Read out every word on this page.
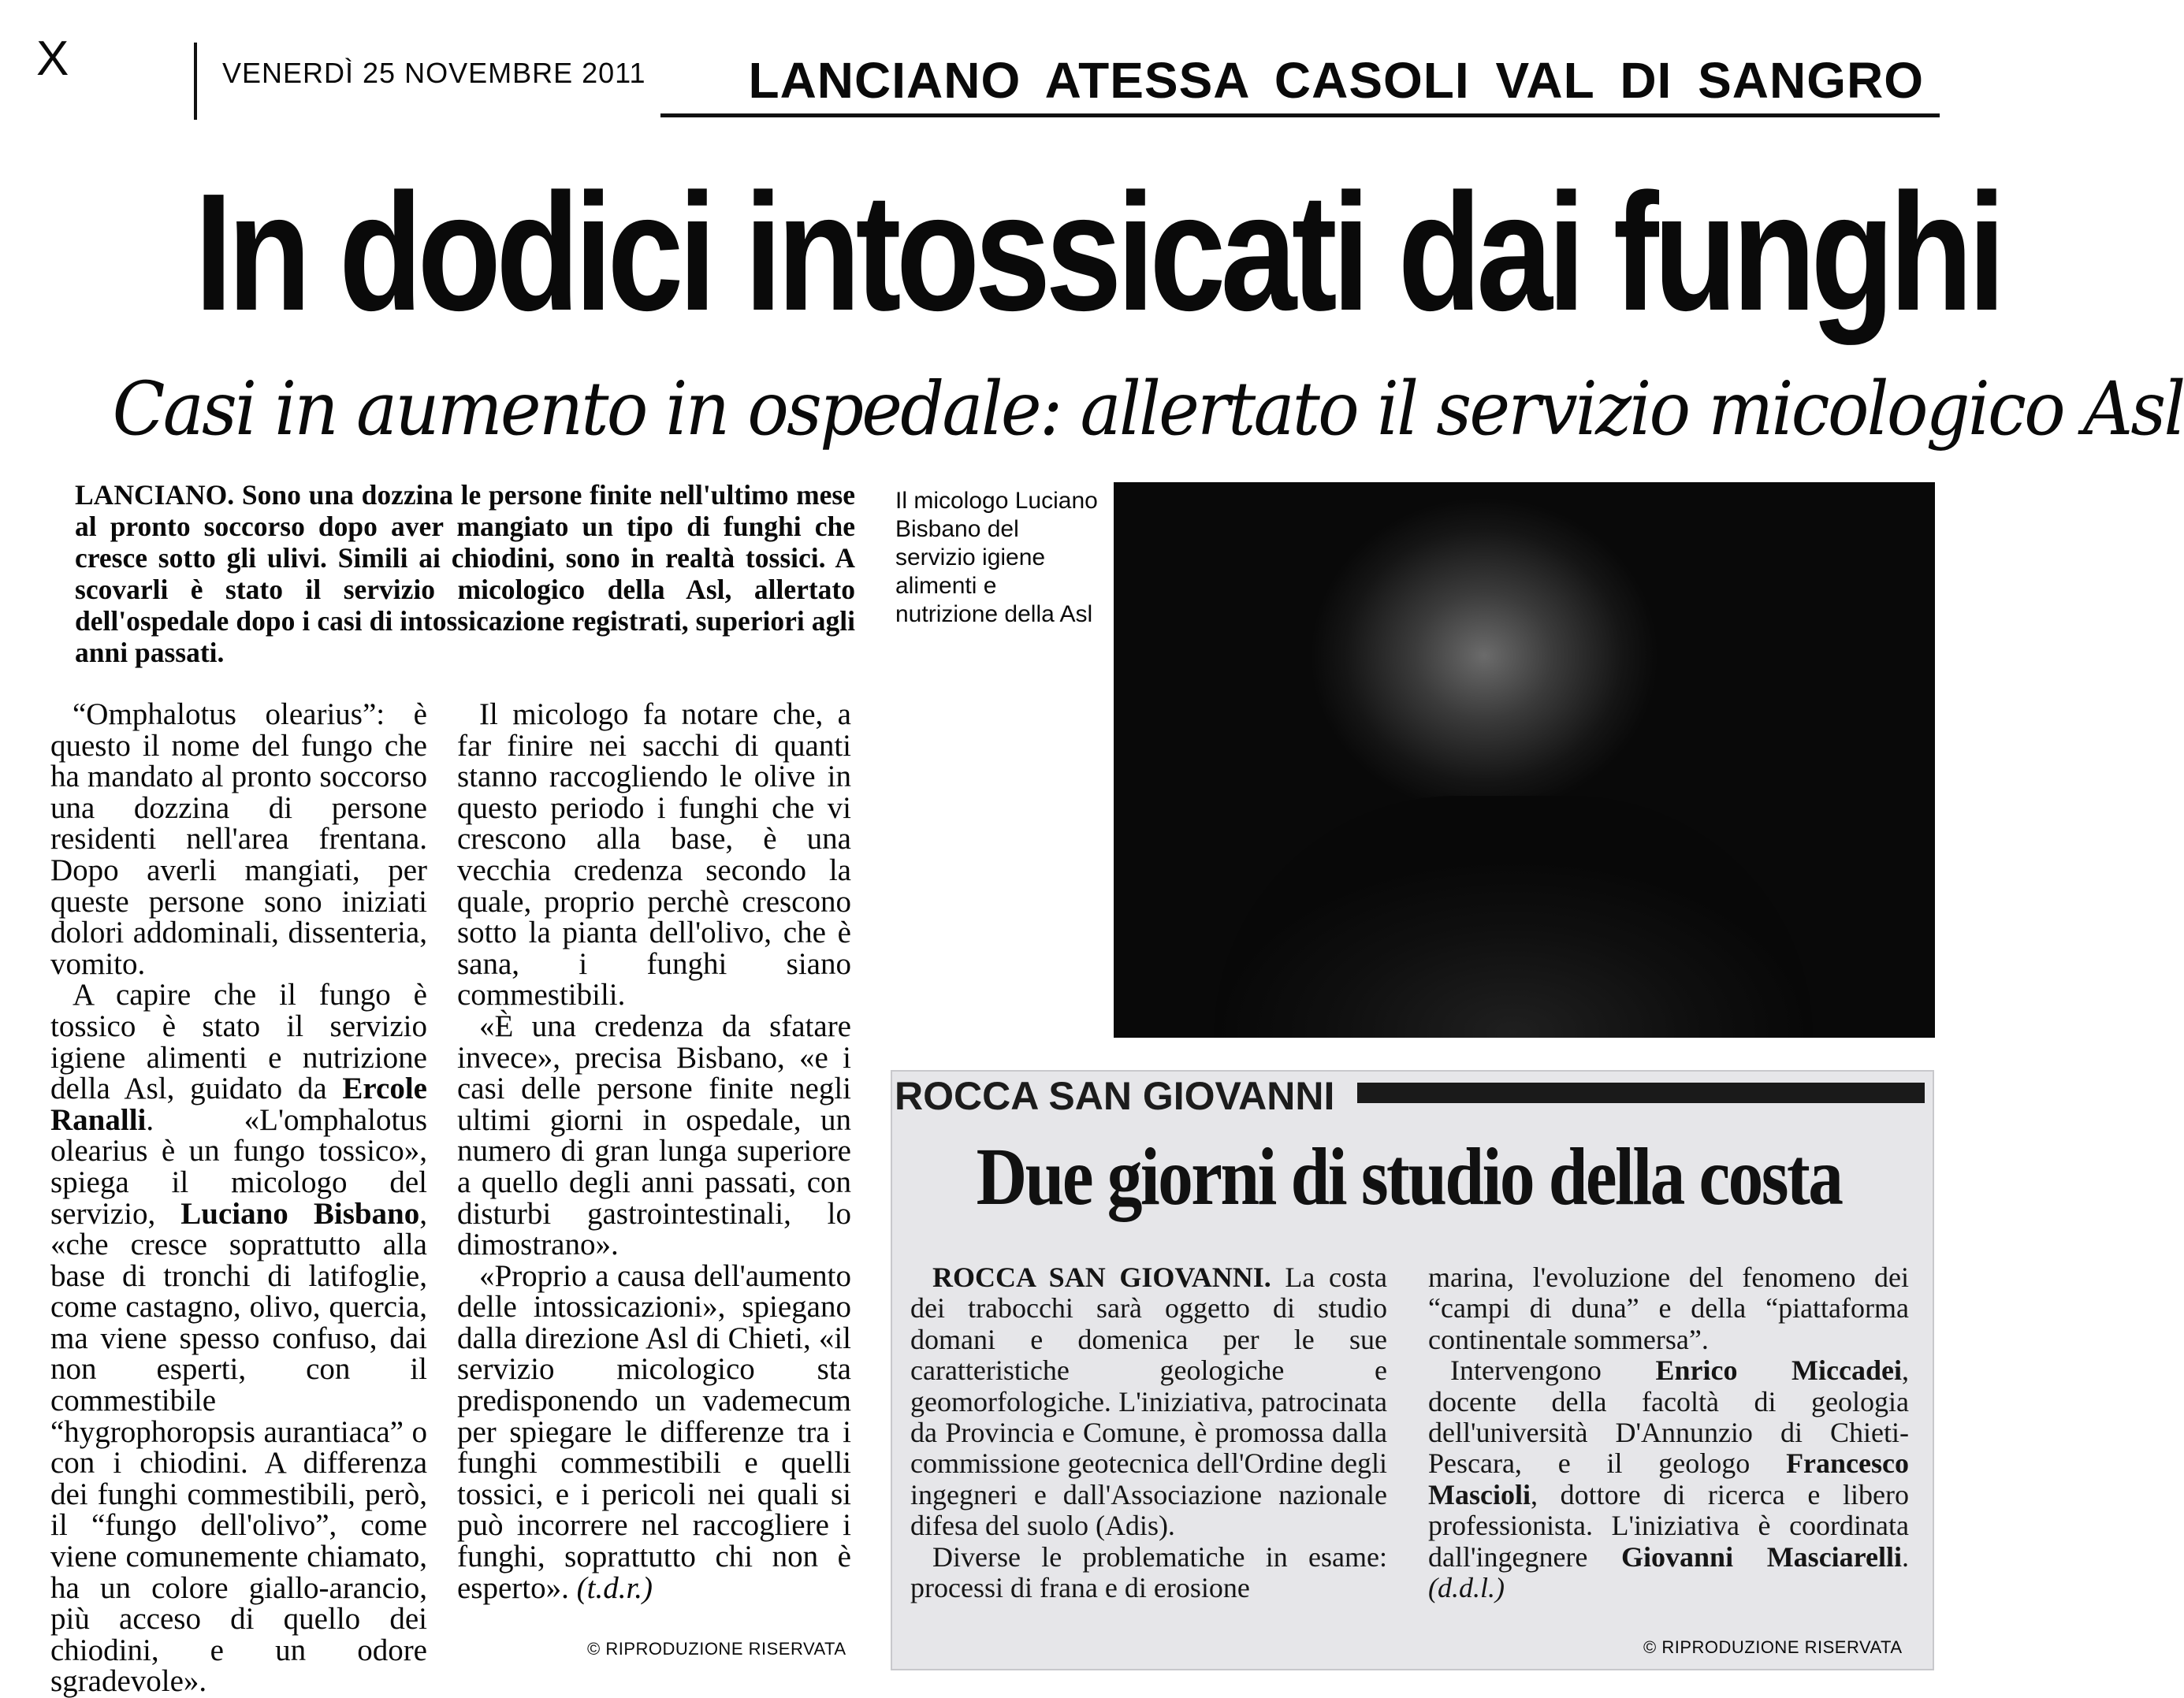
X	VENERDÌ 25 NOVEMBRE 2011 LANCIANO ATESSA CASOLI VAL DI SANGRO
In dodici intossicati dai funghi
Casi in aumento in ospedale: allertato il servizio micologico Asl
LANCIANO. Sono una dozzina le persone finite nell'ultimo mese al pronto soccorso dopo aver mangiato un tipo di funghi che cresce sotto gli ulivi. Simili ai chiodini, sono in realtà tossici. A scovarli è stato il servizio micologico della Asl, allertato dell'ospedale dopo i casi di intossicazione registrati, superiori agli anni passati.

“Omphalotus olearius”: è questo il nome del fungo che ha mandato al pronto soccorso una dozzina di persone residenti nell'area frentana. Dopo averli mangiati, per queste persone sono iniziati dolori addominali, dissenteria, vomito.

A capire che il fungo è tossico è stato il servizio igiene alimenti e nutrizione della Asl, guidato da Ercole Ranalli. «L'omphalotus olearius è un fungo tossico», spiega il micologo del servizio, Luciano Bisbano, «che cresce soprattutto alla base di tronchi di latifoglie, come castagno, olivo, quercia, ma viene spesso confuso, dai non esperti, con il commestibile “hygrophoropsis aurantiaca” o con i chiodini. A differenza dei funghi commestibili, però, il “fungo dell'olivo”, come viene comunemente chiamato, ha un colore giallo-arancio, più acceso di quello dei chiodini, e un odore sgradevole».

Il micologo fa notare che, a far finire nei sacchi di quanti stanno raccogliendo le olive in questo periodo i funghi che vi crescono alla base, è una vecchia credenza secondo la quale, proprio perchè crescono sotto la pianta dell'olivo, che è sana, i funghi siano commestibili.

«È una credenza da sfatare invece», precisa Bisbano, «e i casi delle persone finite negli ultimi giorni in ospedale, un numero di gran lunga superiore a quello degli anni passati, con disturbi gastrointestinali, lo dimostrano».

«Proprio a causa dell'aumento delle intossicazioni», spiegano dalla direzione Asl di Chieti, «il servizio micologico sta predisponendo un vademecum per spiegare le differenze tra i funghi commestibili e quelli tossici, e i pericoli nei quali si può incorrere nel raccogliere i funghi, soprattutto chi non è esperto». (t.d.r.)

© RIPRODUZIONE RISERVATA
Il micologo Luciano Bisbano del servizio igiene alimenti e nutrizione della Asl
ROCCA SAN GIOVANNI
Due giorni di studio della costa

ROCCA SAN GIOVANNI. La costa dei trabocchi sarà oggetto di studio domani e domenica per le sue caratteristiche geologiche e geomorfologiche. L'iniziativa, patrocinata da Provincia e Comune, è promossa dalla commissione geotecnica dell'Ordine degli ingegneri e dall'Associazione nazionale difesa del suolo (Adis).

Diverse le problematiche in esame: processi di frana e di erosione

marina, l'evoluzione del fenomeno dei “campi di duna” e della “piattaforma continentale sommersa”.

Intervengono Enrico Miccadei, docente della facoltà di geologia dell'università D'Annunzio di Chieti-Pescara, e il geologo Francesco Mascioli, dottore di ricerca e libero professionista. L'iniziativa è coordinata dall'ingegnere Giovanni Masciarelli. (d.d.l.)

© RIPRODUZIONE RISERVATA
